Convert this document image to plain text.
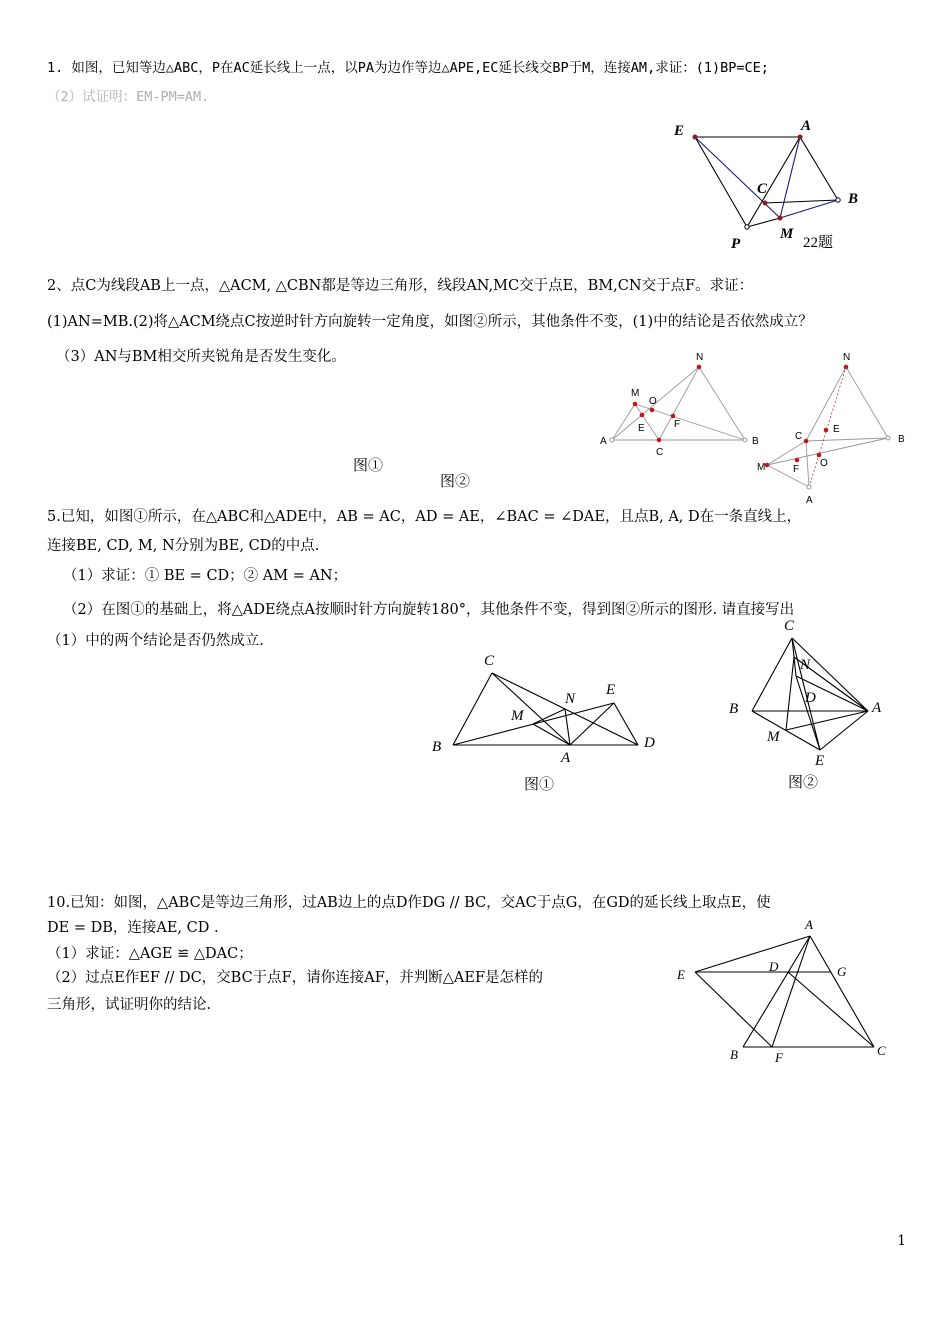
1. 如图，已知等边△ABC，P在AC延长线上一点，以PA为边作等边△APE,EC延长线交BP于M，连接AM,求证：(1)BP=CE;
（2）试证明：EM-PM=AM.
E	A
C
B
P
M
22题
2、点C为线段AB上一点，△ACM, △CBN都是等边三角形，线段AN,MC交于点E，BM,CN交于点F。求证：
(1)AN=MB.(2)将△ACM绕点C按逆时针方向旋转一定角度，如图②所示，其他条件不变，(1)中的结论是否依然成立？
（3）AN与BM相交所夹锐角是否发生变化。
图①
图②
N
M
O
E	F
A
C
B
N
E
C	B
M	F
O
A
5.已知，如图①所示，在△ABC和△ADE中，AB = AC，AD = AE，∠BAC = ∠DAE，且点B, A, D在一条直线上，
连接BE, CD, M, N分别为BE, CD的中点.
（1）求证：① BE = CD；② AM = AN；
（2）在图①的基础上，将△ADE绕点A按顺时针方向旋转180°，其他条件不变，得到图②所示的图形. 请直接写出
（1）中的两个结论是否仍然成立.
图①	图②
C
N
E
M
B
A
D
C
N
D
B	A
M
E
10.已知：如图，△ABC是等边三角形，过AB边上的点D作DG // BC，交AC于点G，在GD的延长线上取点E，使
DE = DB，连接AE, CD .
（1）求证：△AGE ≌ △DAC；
（2）过点E作EF // DC，交BC于点F，请你连接AF，并判断△AEF是怎样的
三角形，试证明你的结论.
A
E
D	G
B	F	C
1
